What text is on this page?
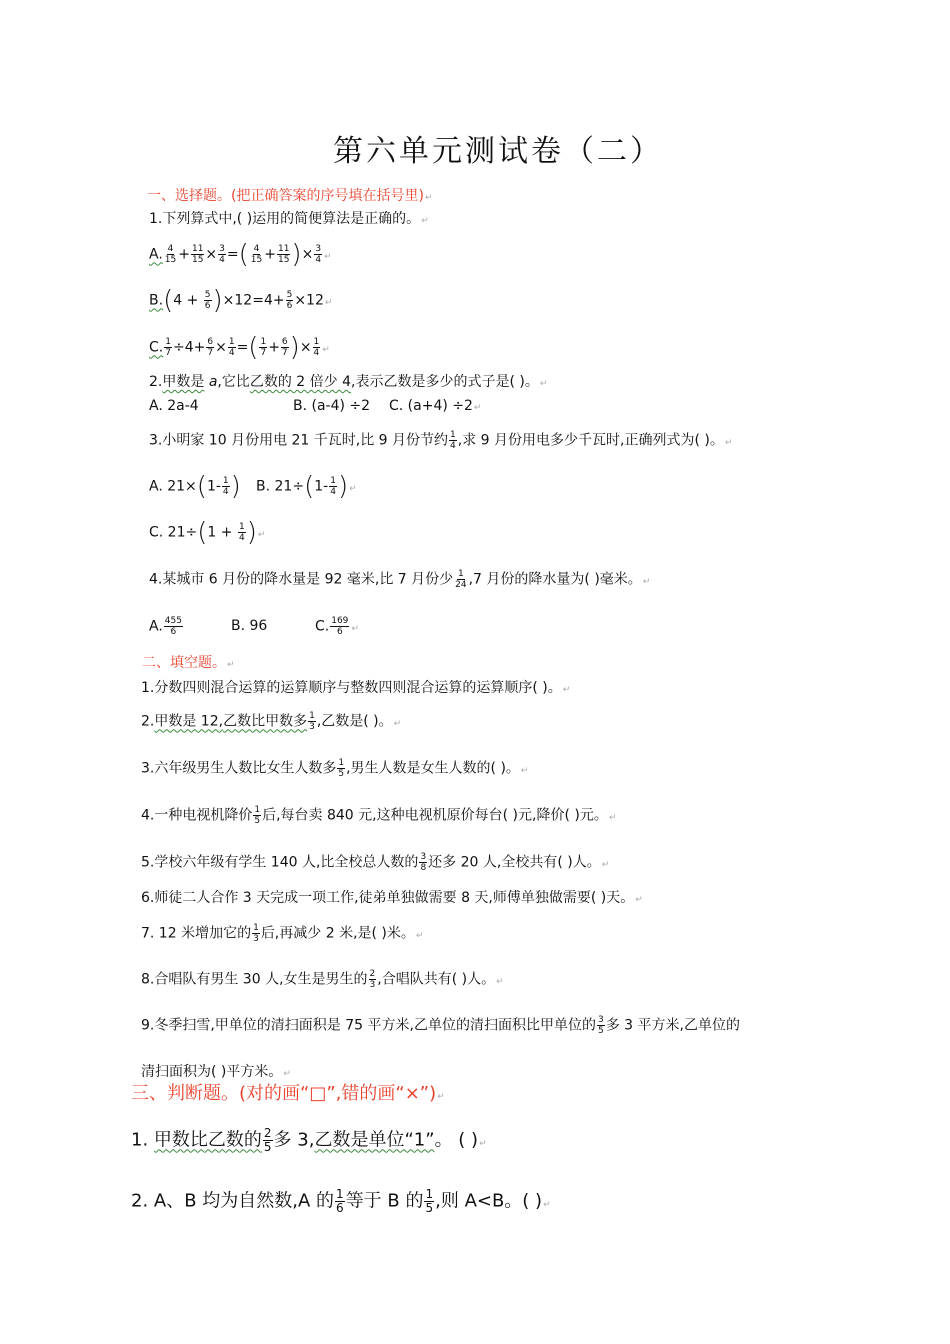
第六单元测试卷（二）
一、选择题。(把正确答案的序号填在括号里)↵
1.下列算式中,( )运用的简便算法是正确的。↵
A. $\frac{4}{15} + \frac{11}{15} \times \frac{3}{4}$ =( $\frac{4}{15} + \frac{11}{15}$ )× $\frac{3}{4}$ ↵
$B.(4 + \frac{5}{6} )\times 12=4+ \frac{5}{6}$ ×12↵
C. $\frac{1}{7} \div 4+ \frac{6}{7} \times \frac{1}{4}$ =( $\frac{1}{7} + \frac{6}{7}$ )× $\frac{1}{4}$ ↵
2.甲数是 a,它比乙数的 2 倍少 4,表示乙数是多少的式子是( )。↵
A. 2a-4	B. (a-4) ÷2 C. (a+4) ÷2↵
3.小明家 10 月份用电 21 千瓦时,比 9 月份节约 $\frac{1}{4}$ ,求 9 月份用电多少千瓦时,正确列式为( )。↵
A. $21\times(1- \frac{1}{4}$ ) B. $21\div(1- \frac{1}{4}$ )↵
C. $21\div(1 + \frac{1}{4}$ )↵
4.某城市 6 月份的降水量是 92 毫米,比 7 月份少 $\frac{1}{24} ,7$ 月份的降水量为( )毫米。↵
A. $\frac{455}{6}$	B. 96	C. $\frac{169}{6}$ ↵
二、填空题。↵
1.分数四则混合运算的运算顺序与整数四则混合运算的运算顺序( )。↵
2.甲数是 12,乙数比甲数多 $\frac{1}{3}$ ,乙数是( )。↵
3.六年级男生人数比女生人数多 $\frac{1}{5}$ ,男生人数是女生人数的( )。↵
4.一种电视机降价 $\frac{1}{5}$ 后,每台卖 840 元,这种电视机原价每台( )元,降价( )元。↵
5.学校六年级有学生 140 人,比全校总人数的 $\frac{3}{8}$ 还多 20 人,全校共有( )人。↵
6.师徒二人合作 3 天完成一项工作,徒弟单独做需要 8 天,师傅单独做需要( )天。↵
7. 12 米增加它的 $\frac{1}{3}$ 后,再减少 2 米,是( )米。↵
8.合唱队有男生 30 人,女生是男生的 $\frac{2}{3}$ ,合唱队共有( )人。↵
9.冬季扫雪,甲单位的清扫面积是 75 平方米,乙单位的清扫面积比甲单位的 $\frac{3}{5}$ 多 3 平方米,乙单位的
清扫面积为( )平方米。↵
三、判断题。(对的画“□”,错的画“×”)↵
1. 甲数比乙数的 $\frac{2}{5}$ 多 3,乙数是单位“1”。 ( )↵
2. A、B 均为自然数,A 的 $\frac{1}{6}$ 等于 B 的 $\frac{1}{5}$ ,则 A<B。( )↵
